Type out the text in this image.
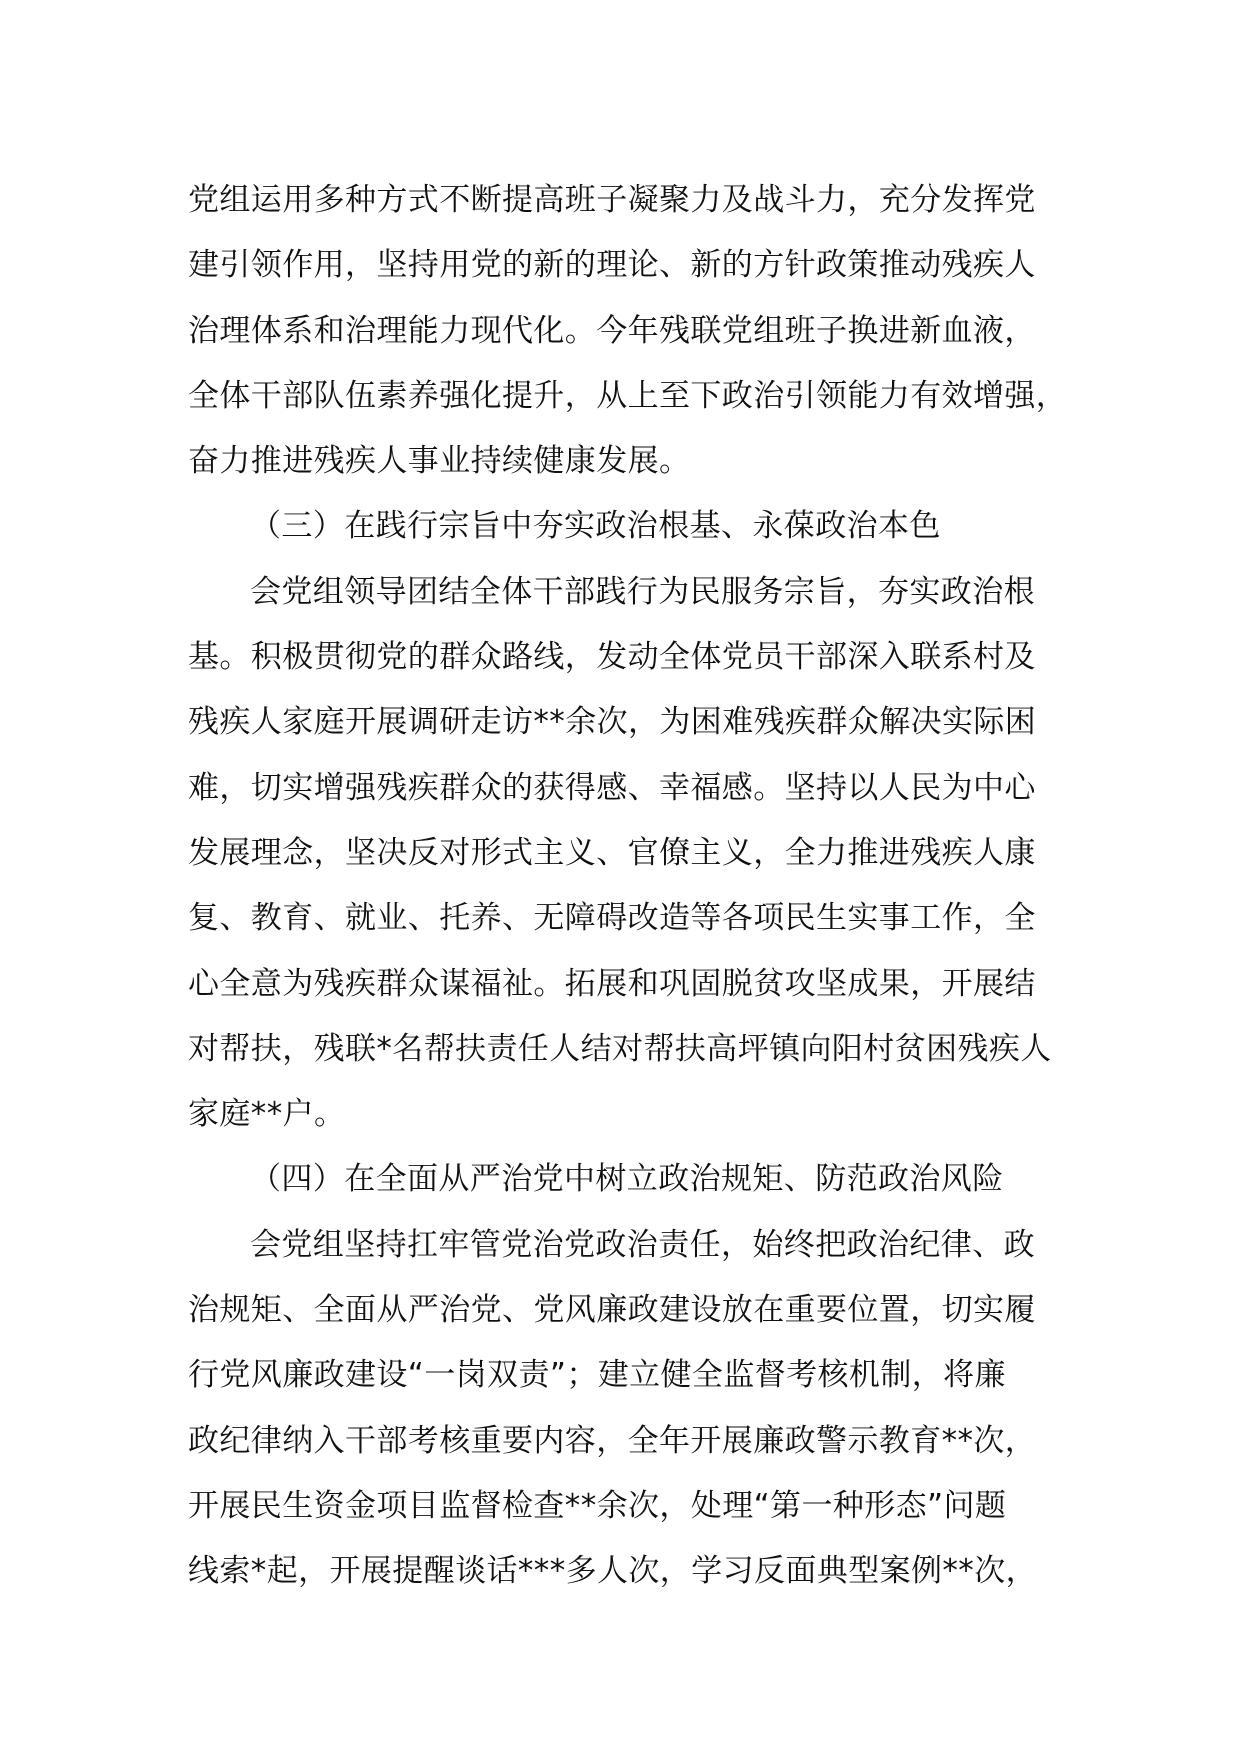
党组运用多种方式不断提高班子凝聚力及战斗力，充分发挥党
建引领作用，坚持用党的新的理论、新的方针政策推动残疾人
治理体系和治理能力现代化。今年残联党组班子换进新血液，
全体干部队伍素养强化提升，从上至下政治引领能力有效增强，
奋力推进残疾人事业持续健康发展。
（三）在践行宗旨中夯实政治根基、永葆政治本色
会党组领导团结全体干部践行为民服务宗旨，夯实政治根
基。积极贯彻党的群众路线，发动全体党员干部深入联系村及
残疾人家庭开展调研走访**余次，为困难残疾群众解决实际困
难，切实增强残疾群众的获得感、幸福感。坚持以人民为中心
发展理念，坚决反对形式主义、官僚主义，全力推进残疾人康
复、教育、就业、托养、无障碍改造等各项民生实事工作，全
心全意为残疾群众谋福祉。拓展和巩固脱贫攻坚成果，开展结
对帮扶，残联*名帮扶责任人结对帮扶高坪镇向阳村贫困残疾人
家庭**户。
（四）在全面从严治党中树立政治规矩、防范政治风险
会党组坚持扛牢管党治党政治责任，始终把政治纪律、政
治规矩、全面从严治党、党风廉政建设放在重要位置，切实履
行党风廉政建设“一岗双责”；建立健全监督考核机制，将廉
政纪律纳入干部考核重要内容，全年开展廉政警示教育**次，
开展民生资金项目监督检查**余次，处理“第一种形态”问题
线索*起，开展提醒谈话***多人次，学习反面典型案例**次，
